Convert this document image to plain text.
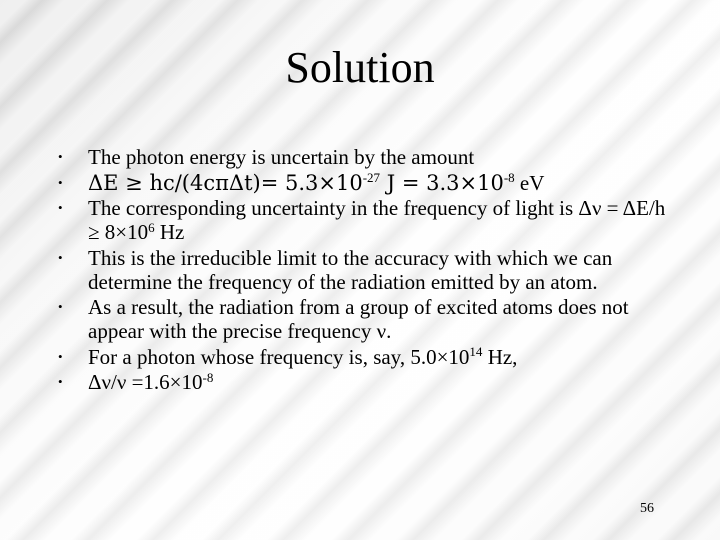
Solution
• The photon energy is uncertain by the amount
• $\Delta E \ge hc/(4c\pi\Delta t)= 5.3\times 10^{-27}$ $J = 3.3\times 10^{-8}$ eV
• The corresponding uncertainty in the frequency of light is $\Delta\nu = \Delta E/h \ge 8\times 10^6$ Hz
• This is the irreducible limit to the accuracy with which we can determine the frequency of the radiation emitted by an atom.
• As a result, the radiation from a group of excited atoms does not appear with the precise frequency ν.
• For a photon whose frequency is, say, $5.0\times 10^{14}$ Hz,
• $\Delta\nu/\nu =1.6\times 10^{-8}$
56
